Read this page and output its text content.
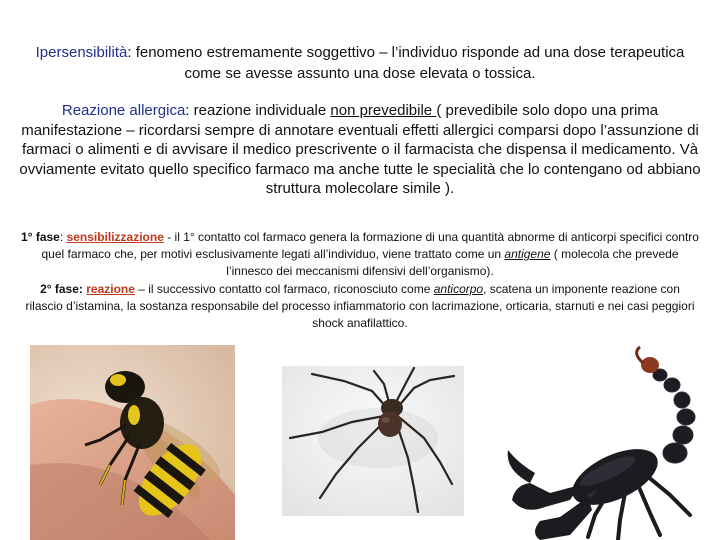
Ipersensibilità: fenomeno estremamente soggettivo – l’individuo risponde ad una dose terapeutica come se avesse assunto una dose elevata o tossica.

Reazione allergica: reazione individuale non prevedibile ( prevedibile solo dopo una prima manifestazione – ricordarsi sempre di annotare eventuali effetti allergici comparsi dopo l’assunzione di farmaci o alimenti e di avvisare il medico prescrivente o il farmacista che dispensa il medicamento. Và ovviamente evitato quello specifico farmaco ma anche tutte le specialità che lo contengano od abbiano struttura molecolare simile ).

1° fase: sensibilizzazione - il 1° contatto col farmaco genera la formazione di una quantità abnorme di anticorpi specifici contro quel farmaco che, per motivi esclusivamente legati all’individuo, viene trattato come un antigene ( molecola che prevede l’innesco dei meccanismi difensivi dell’organismo).
2° fase: reazione – il successivo contatto col farmaco, riconosciuto come anticorpo, scatena un imponente reazione con rilascio d’istamina, la sostanza responsabile del processo infiammatorio con lacrimazione, orticaria, starnuti e nei casi peggiori shock anafilattico.
